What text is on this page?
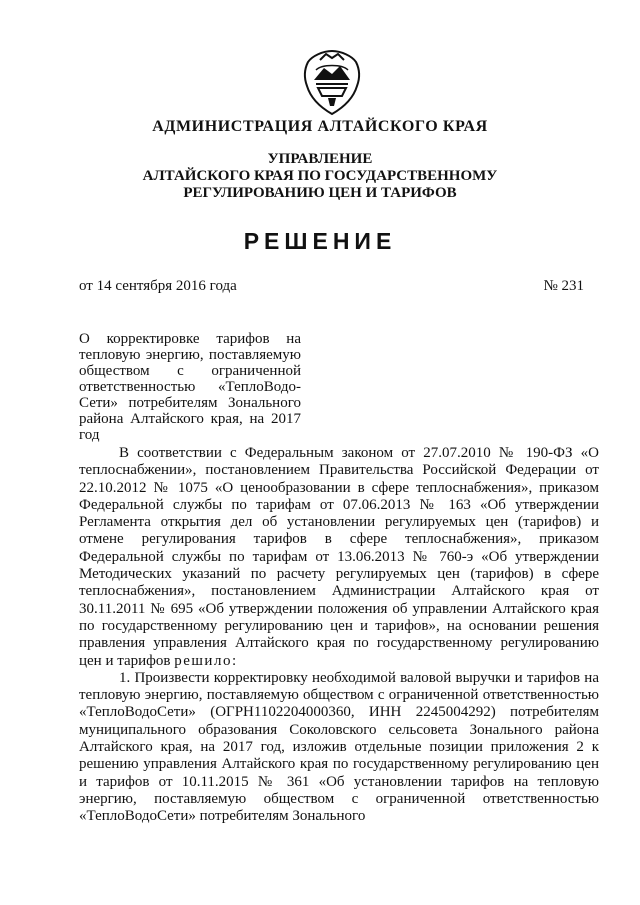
АДМИНИСТРАЦИЯ АЛТАЙСКОГО КРАЯ
УПРАВЛЕНИЕ
АЛТАЙСКОГО КРАЯ ПО ГОСУДАРСТВЕННОМУ
РЕГУЛИРОВАНИЮ ЦЕН И ТАРИФОВ
РЕШЕНИЕ
от 14 сентября 2016 года	№ 231
О корректировке тарифов на тепловую энергию, поставляемую обществом с ограниченной ответственностью «ТеплоВодо-Сети» потребителям Зонального района Алтайского края, на 2017 год

В соответствии с Федеральным законом от 27.07.2010 № 190-ФЗ «О теплоснабжении», постановлением Правительства Российской Федерации от 22.10.2012 № 1075 «О ценообразовании в сфере теплоснабжения», приказом Федеральной службы по тарифам от 07.06.2013 № 163 «Об утверждении Регламента открытия дел об установлении регулируемых цен (тарифов) и отмене регулирования тарифов в сфере теплоснабжения», приказом Федеральной службы по тарифам от 13.06.2013 № 760-э «Об утверждении Методических указаний по расчету регулируемых цен (тарифов) в сфере теплоснабжения», постановлением Администрации Алтайского края от 30.11.2011 № 695 «Об утверждении положения об управлении Алтайского края по государственному регулированию цен и тарифов», на основании решения правления управления Алтайского края по государственному регулированию цен и тарифов решило:

1. Произвести корректировку необходимой валовой выручки и тарифов на тепловую энергию, поставляемую обществом с ограниченной ответственностью «ТеплоВодоСети» (ОГРН1102204000360, ИНН 2245004292) потребителям муниципального образования Соколовского сельсовета Зонального района Алтайского края, на 2017 год, изложив отдельные позиции приложения 2 к решению управления Алтайского края по государственному регулированию цен и тарифов от 10.11.2015 № 361 «Об установлении тарифов на тепловую энергию, поставляемую обществом с ограниченной ответственностью «ТеплоВодоСети» потребителям Зонального
